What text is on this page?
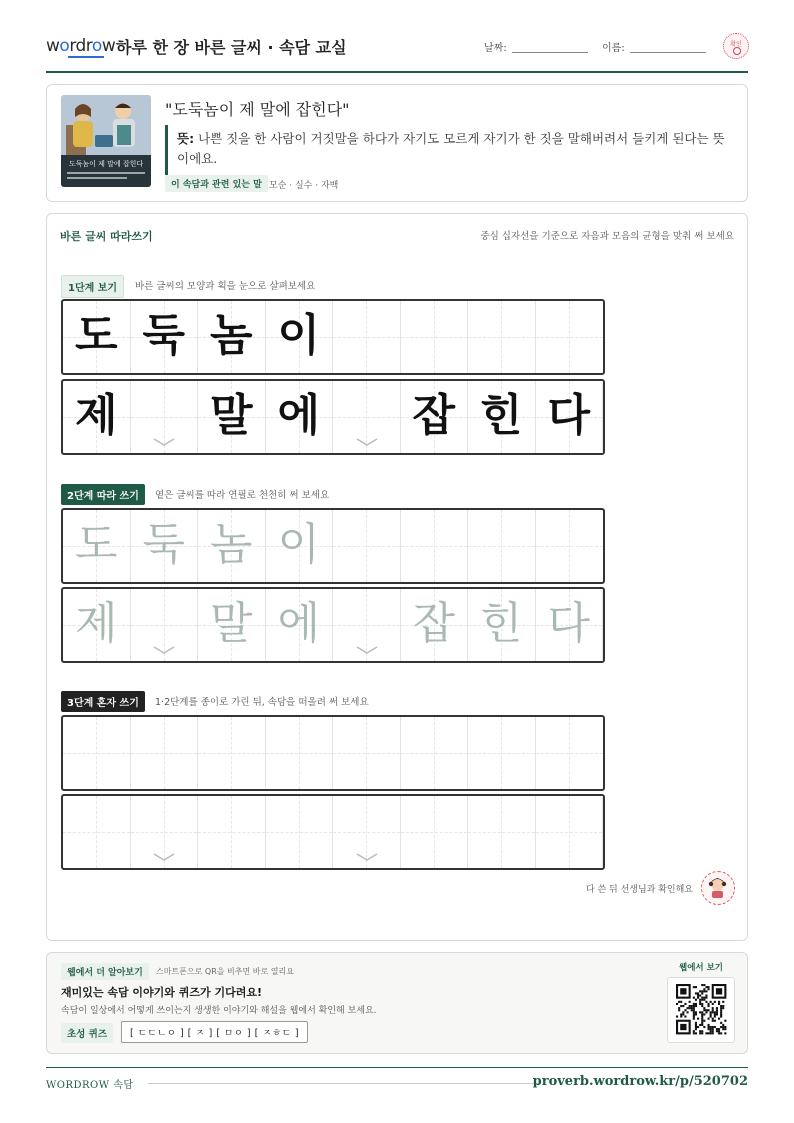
wordrow 하루 한 장 바른 글씨 · 속담 교실	날짜:	이름:	확인
도둑놈이 제 말에 잡힌다
"도둑놈이 제 말에 잡힌다"
뜻: 나쁜 짓을 한 사람이 거짓말을 하다가 자기도 모르게 자기가 한 짓을 말해버려서 들키게 된다는 뜻이에요.
이 속담과 관련 있는 말 모순 · 실수 · 자백
바른 글씨 따라쓰기	중심 십자선을 기준으로 자음과 모음의 균형을 맞춰 써 보세요
1단계 보기	바른 글씨의 모양과 획을 눈으로 살펴보세요
도 둑 놈 이
제 말 에 잡 힌 다
2단계 따라 쓰기	옅은 글씨를 따라 연필로 천천히 써 보세요
도 둑 놈 이
제 말 에 잡 힌 다
3단계 혼자 쓰기	1·2단계를 종이로 가린 뒤, 속담을 떠올려 써 보세요
다 쓴 뒤 선생님과 확인해요
웹에서 더 알아보기	스마트폰으로 QR을 비추면 바로 열리요
재미있는 속담 이야기와 퀴즈가 기다려요!
속담이 일상에서 어떻게 쓰이는지 생생한 이야기와 해설을 웹에서 확인해 보세요.
초성 퀴즈	[ ㄷㄷㄴㅇ ] [ ㅈ ] [ ㅁㅇ ] [ ㅈㅎㄷ ]
웹에서 보기
WORDROW 속담	proverb.wordrow.kr/p/520702
